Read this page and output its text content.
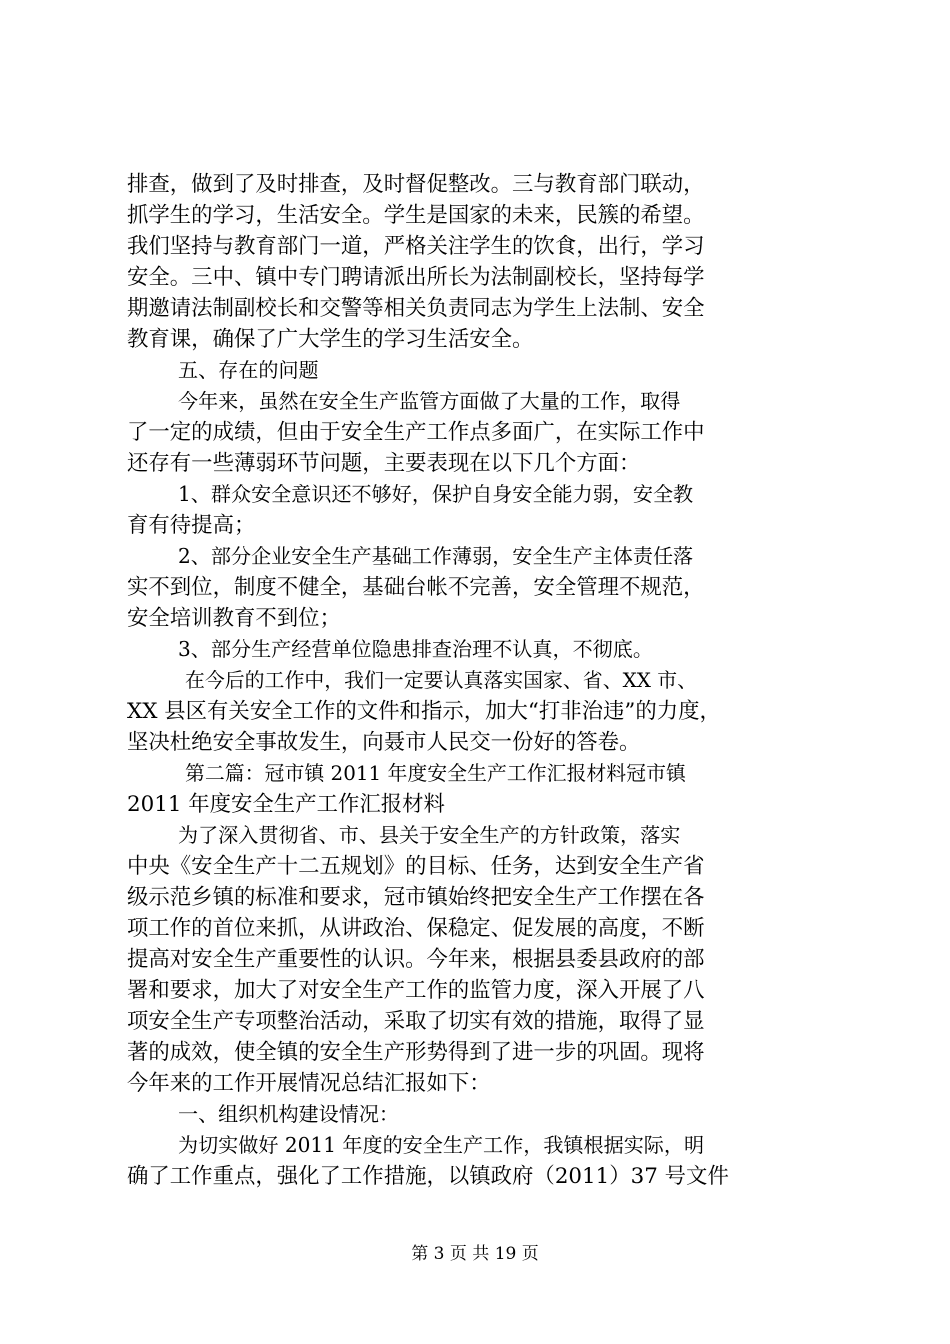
排查，做到了及时排查，及时督促整改。三与教育部门联动，
抓学生的学习，生活安全。学生是国家的未来，民簇的希望。
我们坚持与教育部门一道，严格关注学生的饮食，出行，学习
安全。三中、镇中专门聘请派出所长为法制副校长，坚持每学
期邀请法制副校长和交警等相关负责同志为学生上法制、安全
教育课，确保了广大学生的学习生活安全。
五、存在的问题
今年来，虽然在安全生产监管方面做了大量的工作，取得
了一定的成绩，但由于安全生产工作点多面广，在实际工作中
还存有一些薄弱环节问题，主要表现在以下几个方面：
1、群众安全意识还不够好，保护自身安全能力弱，安全教
育有待提高；
2、部分企业安全生产基础工作薄弱，安全生产主体责任落
实不到位，制度不健全，基础台帐不完善，安全管理不规范，
安全培训教育不到位；
3、部分生产经营单位隐患排查治理不认真，不彻底。
在今后的工作中，我们一定要认真落实国家、省、XX 市、
XX 县区有关安全工作的文件和指示，加大“打非治违”的力度，
坚决杜绝安全事故发生，向聂市人民交一份好的答卷。
第二篇：冠市镇 2011 年度安全生产工作汇报材料冠市镇
2011 年度安全生产工作汇报材料
为了深入贯彻省、市、县关于安全生产的方针政策，落实
中央《安全生产十二五规划》的目标、任务，达到安全生产省
级示范乡镇的标准和要求，冠市镇始终把安全生产工作摆在各
项工作的首位来抓，从讲政治、保稳定、促发展的高度，不断
提高对安全生产重要性的认识。今年来，根据县委县政府的部
署和要求，加大了对安全生产工作的监管力度，深入开展了八
项安全生产专项整治活动，采取了切实有效的措施，取得了显
著的成效，使全镇的安全生产形势得到了进一步的巩固。现将
今年来的工作开展情况总结汇报如下：
一、组织机构建设情况：
为切实做好 2011 年度的安全生产工作，我镇根据实际，明
确了工作重点，强化了工作措施，以镇政府（2011）37 号文件
第 3 页 共 19 页
